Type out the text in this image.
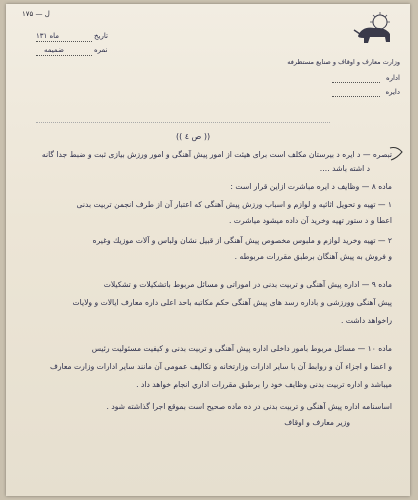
۱۷۵ — ل
تاريخ
ماه ۱۳۱
نمره
ضميمه
وزارت معارف و اوقاف و صنایع مستظرفه
اداره
دايره
(( ص ٤ ))
تبصره — د ايره د بيرستان مكلف است براى هيئت از امور پيش آهنگى و امور ورزش بيازى ثبت و ضبط جدا گانه
د اشته باشد ….
ماده ۸ — وظايف د ايره مباشرت ازاين قرار است :
۱ — تهيه و تحويل اثاثيه و لوازم و اسباب ورزش پيش آهنگى كه اعتبار آن از طرف انجمن تربيت بدنى
اعطا و د ستور تهيه وخريد آن داده ميشود مياشرت .
۲ — تهيه وخريد لوازم و ملبوس مخصوص پيش آهنگى از قبيل نشان ولباس و آلات موزيك وغيره
و فروش به پيش آهنگان برطبق مقررات مربوطه .
ماده ۹ — اداره پيش آهنگى و تربيت بدنى در اموراتى و مسائل مربوط باتشكيلات و تشكيلات
پيش آهنگى وورزشى و باداره رسد هاى پيش آهنگى حكم مكاتبه باحد اعلى داره معارف ايالات و ولايات
راخواهد داشت .
ماده ۱۰ — مسائل مربوط بامور داخلى اداره پيش آهنگى و تربيت بدنى و كيفيت مسئوليت رئيس
و اعضا و اجزاء آن و روابط آن با ساير ادارات وزارتخانه و تكاليف عمومى آن مانند ساير ادارات وزارت معارف
ميباشد و اداره تربيت بدنى وظايف خود را برطبق مقررات اداري انجام خواهد داد .
اساسنامه اداره پيش آهنگى و تربيت بدنى در ده ماده صحيح است بموقع اجرا گذاشته شود .
وزير معارف و اوقاف
